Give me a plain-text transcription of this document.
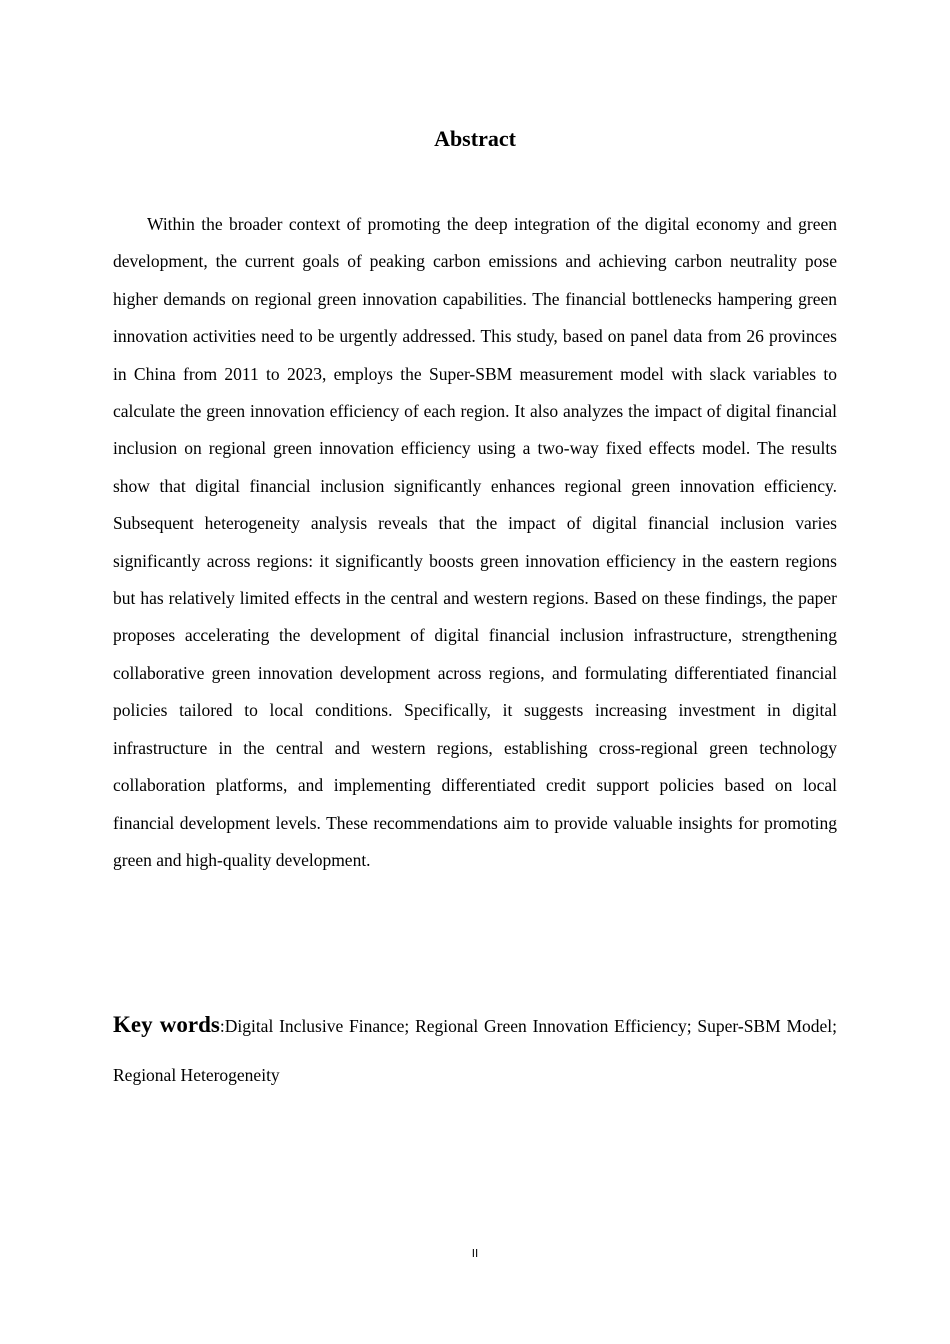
Abstract

Within the broader context of promoting the deep integration of the digital economy and green development, the current goals of peaking carbon emissions and achieving carbon neutrality pose higher demands on regional green innovation capabilities. The financial bottlenecks hampering green innovation activities need to be urgently addressed. This study, based on panel data from 26 provinces in China from 2011 to 2023, employs the Super-SBM measurement model with slack variables to calculate the green innovation efficiency of each region. It also analyzes the impact of digital financial inclusion on regional green innovation efficiency using a two-way fixed effects model. The results show that digital financial inclusion significantly enhances regional green innovation efficiency. Subsequent heterogeneity analysis reveals that the impact of digital financial inclusion varies significantly across regions: it significantly boosts green innovation efficiency in the eastern regions but has relatively limited effects in the central and western regions. Based on these findings, the paper proposes accelerating the development of digital financial inclusion infrastructure, strengthening collaborative green innovation development across regions, and formulating differentiated financial policies tailored to local conditions. Specifically, it suggests increasing investment in digital infrastructure in the central and western regions, establishing cross-regional green technology collaboration platforms, and implementing differentiated credit support policies based on local financial development levels. These recommendations aim to provide valuable insights for promoting green and high-quality development.

Key words:Digital Inclusive Finance; Regional Green Innovation Efficiency; Super-SBM Model; Regional Heterogeneity

II
